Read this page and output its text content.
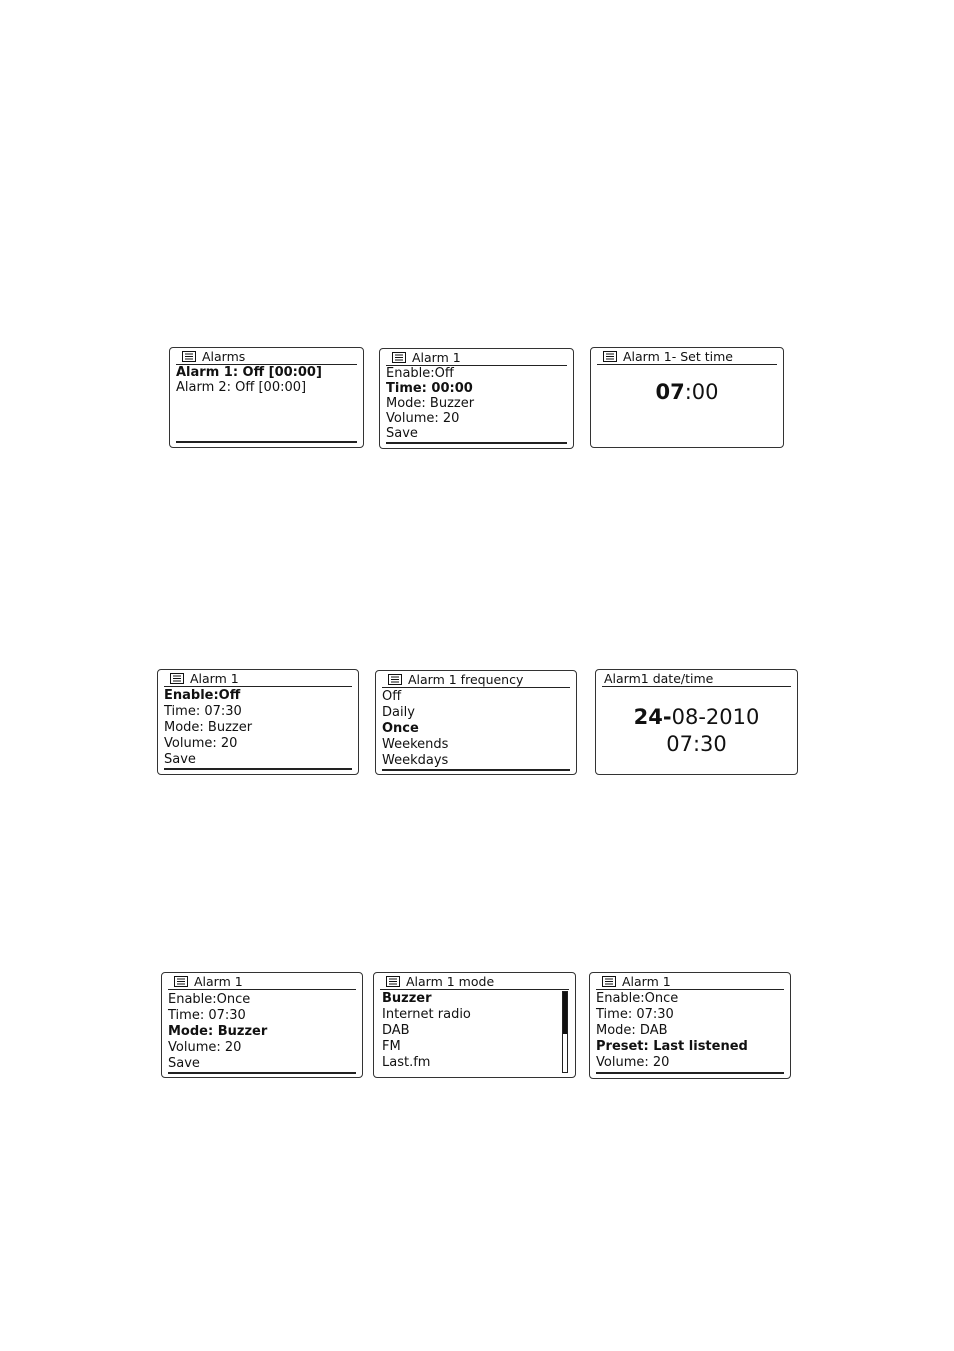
Alarms
Alarm 1: Off [00:00]
Alarm 2: Off [00:00]
Alarm 1
Enable:Off
Time: 00:00
Mode: Buzzer
Volume: 20
Save
Alarm 1- Set time
07:00
Alarm 1
Enable:Off
Time: 07:30
Mode: Buzzer
Volume: 20
Save
Alarm 1 frequency
Off
Daily
Once
Weekends
Weekdays
Alarm1 date/time
24-08-2010
07:30
Alarm 1
Enable:Once
Time: 07:30
Mode: Buzzer
Volume: 20
Save
Alarm 1 mode
Buzzer
Internet radio
DAB
FM
Last.fm
Alarm 1
Enable:Once
Time: 07:30
Mode: DAB
Preset: Last listened
Volume: 20
